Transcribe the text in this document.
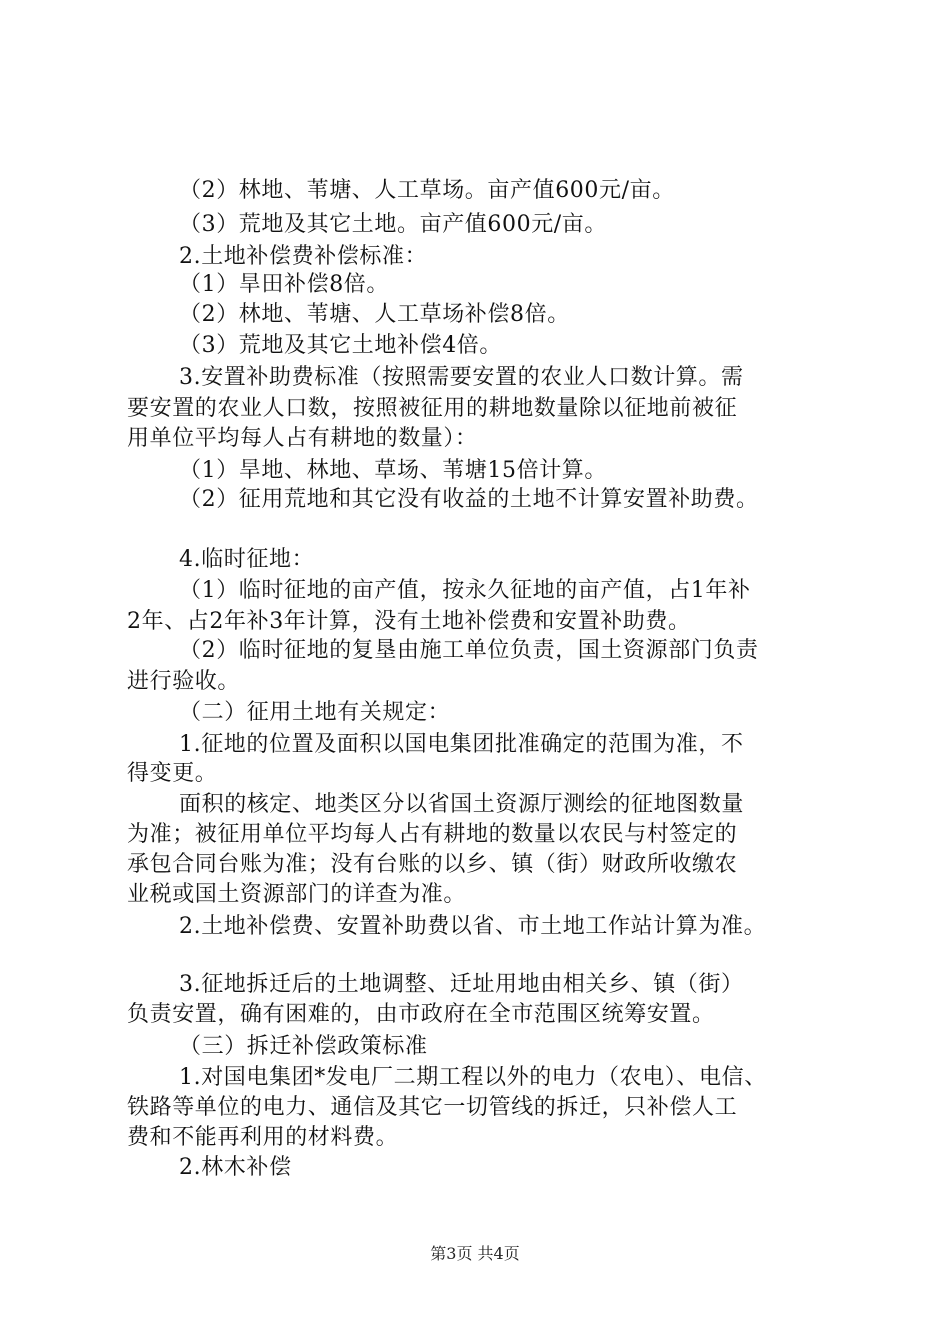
（2）林地、苇塘、人工草场。亩产值600元/亩。
（3）荒地及其它土地。亩产值600元/亩。
2.土地补偿费补偿标准：
（1）旱田补偿8倍。
（2）林地、苇塘、人工草场补偿8倍。
（3）荒地及其它土地补偿4倍。
3.安置补助费标准（按照需要安置的农业人口数计算。需
要安置的农业人口数，按照被征用的耕地数量除以征地前被征
用单位平均每人占有耕地的数量）：
（1）旱地、林地、草场、苇塘15倍计算。
（2）征用荒地和其它没有收益的土地不计算安置补助费。
4.临时征地：
（1）临时征地的亩产值，按永久征地的亩产值，占1年补
2年、占2年补3年计算，没有土地补偿费和安置补助费。
（2）临时征地的复垦由施工单位负责，国土资源部门负责
进行验收。
（二）征用土地有关规定：
1.征地的位置及面积以国电集团批准确定的范围为准，不
得变更。
面积的核定、地类区分以省国土资源厅测绘的征地图数量
为准；被征用单位平均每人占有耕地的数量以农民与村签定的
承包合同台账为准；没有台账的以乡、镇（街）财政所收缴农
业税或国土资源部门的详查为准。
2.土地补偿费、安置补助费以省、市土地工作站计算为准。
3.征地拆迁后的土地调整、迁址用地由相关乡、镇（街）
负责安置，确有困难的，由市政府在全市范围区统筹安置。
（三）拆迁补偿政策标准
1.对国电集团*发电厂二期工程以外的电力（农电）、电信、
铁路等单位的电力、通信及其它一切管线的拆迁，只补偿人工
费和不能再利用的材料费。
2.林木补偿
第3页 共4页
